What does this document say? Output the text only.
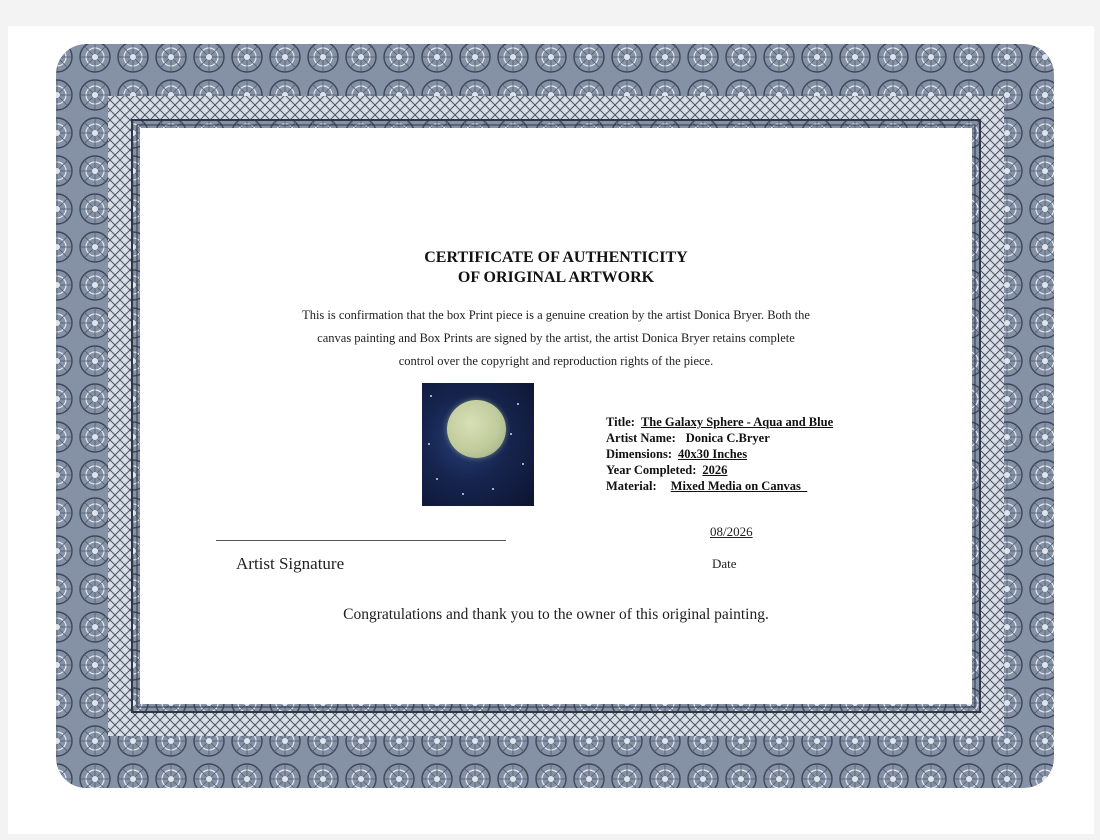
CERTIFICATE OF AUTHENTICITY
OF ORIGINAL ARTWORK
This is confirmation that the box Print piece is a genuine creation by the artist Donica Bryer. Both the
canvas painting and Box Prints are signed by the artist, the artist Donica Bryer retains complete
control over the copyright and reproduction rights of the piece.
Title: The Galaxy Sphere - Aqua and Blue
Artist Name: Donica C.Bryer
Dimensions: 40x30 Inches
Year Completed: 2026
Material: Mixed Media on Canvas_
Artist Signature
08/2026
Date
Congratulations and thank you to the owner of this original painting.
